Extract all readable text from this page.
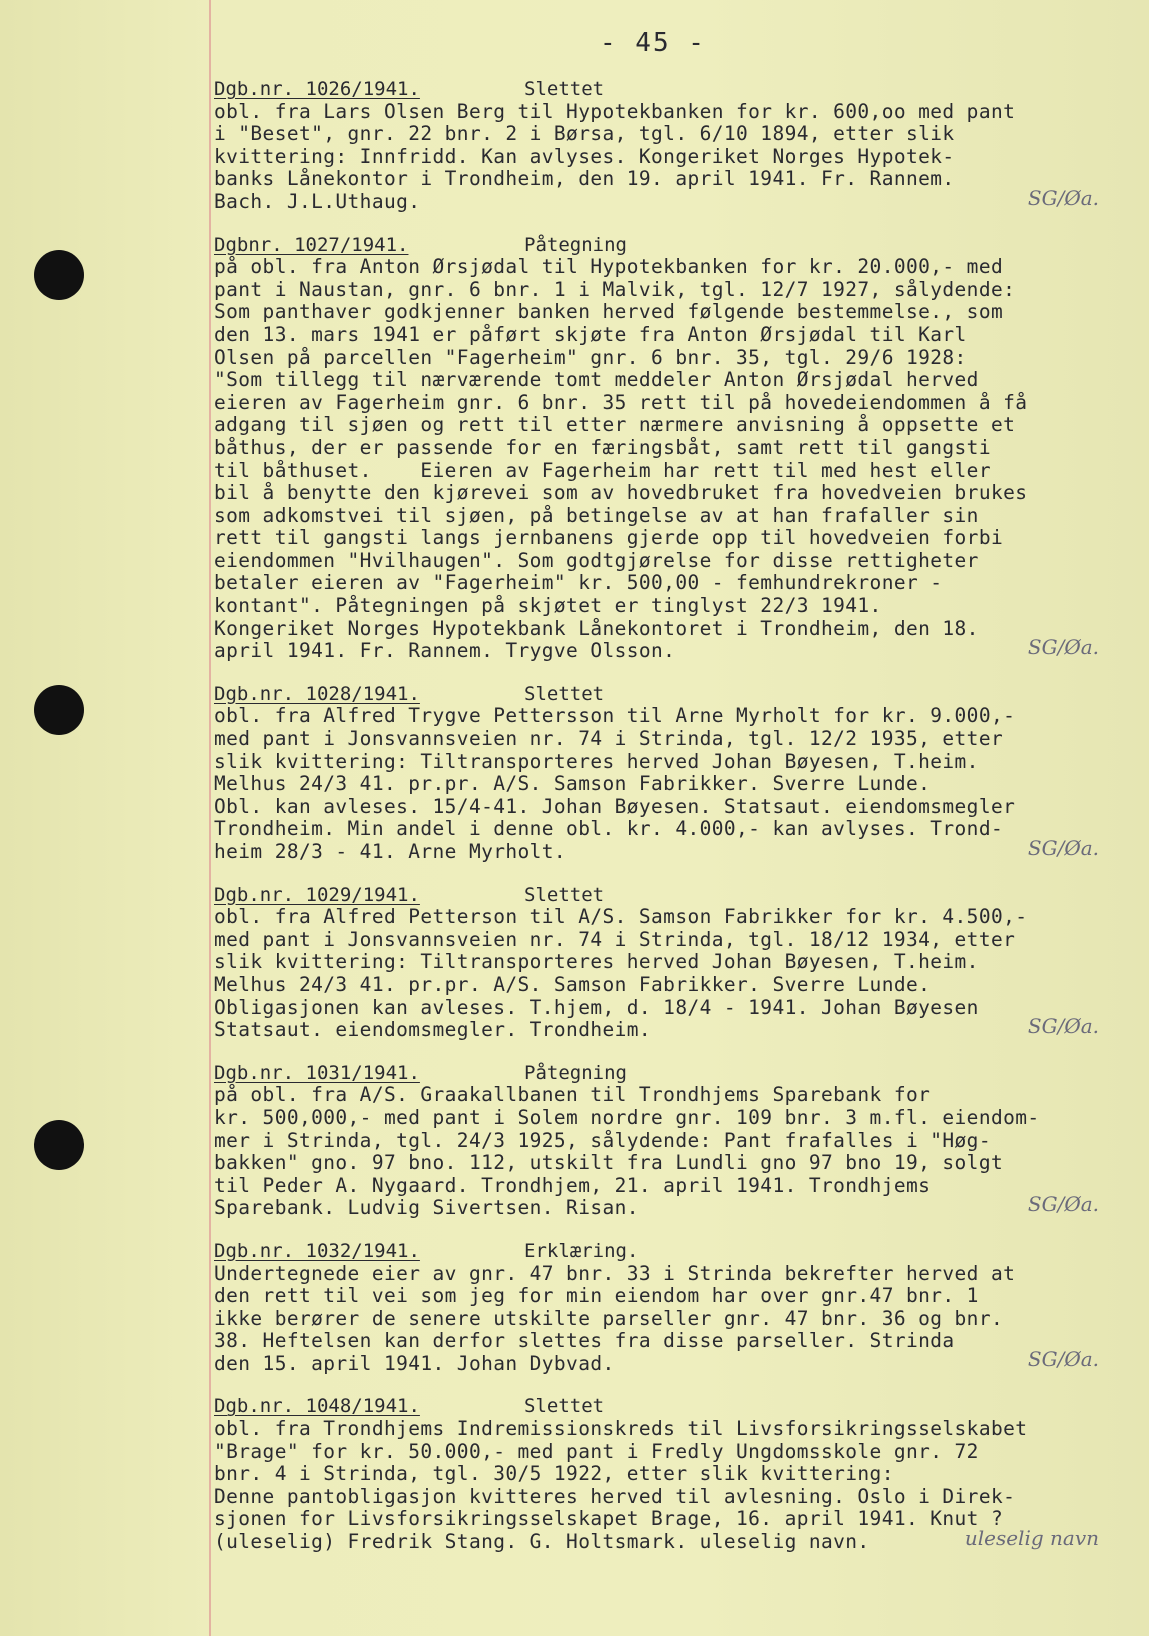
- 45 -
Dgb.nr. 1026/1941.	Slettet
obl. fra Lars Olsen Berg til Hypotekbanken for kr. 600,oo med pant
i "Beset", gnr. 22 bnr. 2 i Børsa, tgl. 6/10 1894, etter slik
kvittering: Innfridd. Kan avlyses. Kongeriket Norges Hypotek-
banks Lånekontor i Trondheim, den 19. april 1941. Fr. Rannem.
Bach. J.L.Uthaug.	SG/Øa.
Dgbnr. 1027/1941.	Påtegning
på obl. fra Anton Ørsjødal til Hypotekbanken for kr. 20.000,- med
pant i Naustan, gnr. 6 bnr. 1 i Malvik, tgl. 12/7 1927, sålydende:
Som panthaver godkjenner banken herved følgende bestemmelse., som
den 13. mars 1941 er påført skjøte fra Anton Ørsjødal til Karl
Olsen på parcellen "Fagerheim" gnr. 6 bnr. 35, tgl. 29/6 1928:
"Som tillegg til nærværende tomt meddeler Anton Ørsjødal herved
eieren av Fagerheim gnr. 6 bnr. 35 rett til på hovedeiendommen å få
adgang til sjøen og rett til etter nærmere anvisning å oppsette et
båthus, der er passende for en færingsbåt, samt rett til gangsti
til båthuset.    Eieren av Fagerheim har rett til med hest eller
bil å benytte den kjørevei som av hovedbruket fra hovedveien brukes
som adkomstvei til sjøen, på betingelse av at han frafaller sin
rett til gangsti langs jernbanens gjerde opp til hovedveien forbi
eiendommen "Hvilhaugen". Som godtgjørelse for disse rettigheter
betaler eieren av "Fagerheim" kr. 500,00 - femhundrekroner -
kontant". Påtegningen på skjøtet er tinglyst 22/3 1941.
Kongeriket Norges Hypotekbank Lånekontoret i Trondheim, den 18.
april 1941. Fr. Rannem. Trygve Olsson.	SG/Øa.
Dgb.nr. 1028/1941.	Slettet
obl. fra Alfred Trygve Pettersson til Arne Myrholt for kr. 9.000,-
med pant i Jonsvannsveien nr. 74 i Strinda, tgl. 12/2 1935, etter
slik kvittering: Tiltransporteres herved Johan Bøyesen, T.heim.
Melhus 24/3 41. pr.pr. A/S. Samson Fabrikker. Sverre Lunde.
Obl. kan avleses. 15/4-41. Johan Bøyesen. Statsaut. eiendomsmegler
Trondheim. Min andel i denne obl. kr. 4.000,- kan avlyses. Trond-
heim 28/3 - 41. Arne Myrholt.	SG/Øa.
Dgb.nr. 1029/1941.	Slettet
obl. fra Alfred Petterson til A/S. Samson Fabrikker for kr. 4.500,-
med pant i Jonsvannsveien nr. 74 i Strinda, tgl. 18/12 1934, etter
slik kvittering: Tiltransporteres herved Johan Bøyesen, T.heim.
Melhus 24/3 41. pr.pr. A/S. Samson Fabrikker. Sverre Lunde.
Obligasjonen kan avleses. T.hjem, d. 18/4 - 1941. Johan Bøyesen
Statsaut. eiendomsmegler. Trondheim.	SG/Øa.
Dgb.nr. 1031/1941.	Påtegning
på obl. fra A/S. Graakallbanen til Trondhjems Sparebank for
kr. 500,000,- med pant i Solem nordre gnr. 109 bnr. 3 m.fl. eiendom-
mer i Strinda, tgl. 24/3 1925, sålydende: Pant frafalles i "Høg-
bakken" gno. 97 bno. 112, utskilt fra Lundli gno 97 bno 19, solgt
til Peder A. Nygaard. Trondhjem, 21. april 1941. Trondhjems
Sparebank. Ludvig Sivertsen. Risan.	SG/Øa.
Dgb.nr. 1032/1941.	Erklæring.
Undertegnede eier av gnr. 47 bnr. 33 i Strinda bekrefter herved at
den rett til vei som jeg for min eiendom har over gnr.47 bnr. 1
ikke berører de senere utskilte parseller gnr. 47 bnr. 36 og bnr.
38. Heftelsen kan derfor slettes fra disse parseller. Strinda
den 15. april 1941. Johan Dybvad.	SG/Øa.
Dgb.nr. 1048/1941.	Slettet
obl. fra Trondhjems Indremissionskreds til Livsforsikringsselskabet
"Brage" for kr. 50.000,- med pant i Fredly Ungdomsskole gnr. 72
bnr. 4 i Strinda, tgl. 30/5 1922, etter slik kvittering:
Denne pantobligasjon kvitteres herved til avlesning. Oslo i Direk-
sjonen for Livsforsikringsselskapet Brage, 16. april 1941. Knut ?
(uleselig) Fredrik Stang. G. Holtsmark. uleselig navn.	uleselig navn
